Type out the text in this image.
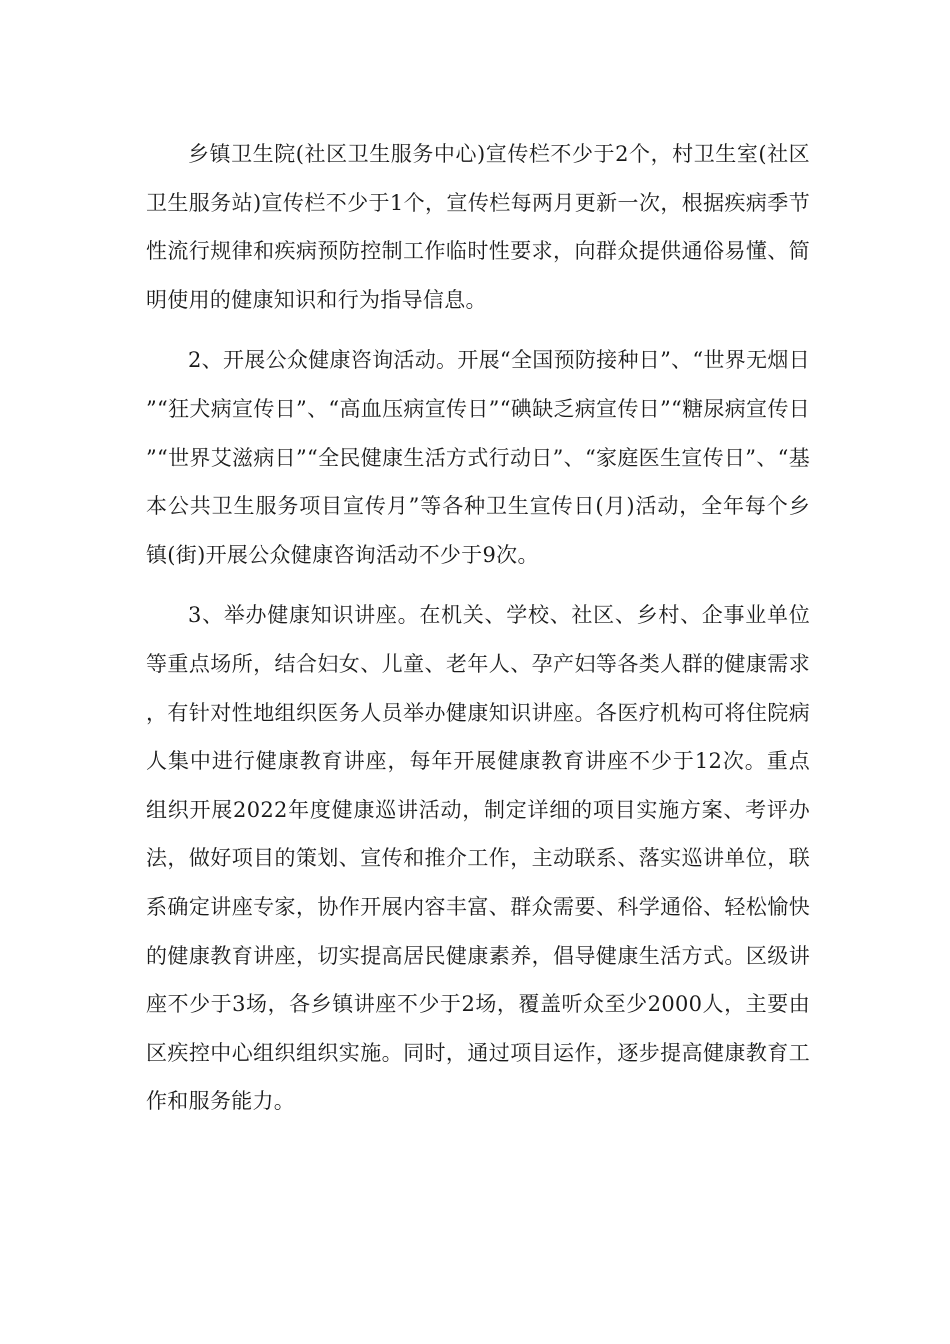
乡镇卫生院(社区卫生服务中心)宣传栏不少于2个，村卫生室(社区卫生服务站)宣传栏不少于1个，宣传栏每两月更新一次，根据疾病季节性流行规律和疾病预防控制工作临时性要求，向群众提供通俗易懂、简明使用的健康知识和行为指导信息。

2、开展公众健康咨询活动。开展“全国预防接种日”、“世界无烟日”“狂犬病宣传日”、“高血压病宣传日”“碘缺乏病宣传日”“糖尿病宣传日”“世界艾滋病日”“全民健康生活方式行动日”、“家庭医生宣传日”、“基本公共卫生服务项目宣传月”等各种卫生宣传日(月)活动，全年每个乡镇(街)开展公众健康咨询活动不少于9次。

3、举办健康知识讲座。在机关、学校、社区、乡村、企事业单位等重点场所，结合妇女、儿童、老年人、孕产妇等各类人群的健康需求，有针对性地组织医务人员举办健康知识讲座。各医疗机构可将住院病人集中进行健康教育讲座，每年开展健康教育讲座不少于12次。重点组织开展2022年度健康巡讲活动，制定详细的项目实施方案、考评办法，做好项目的策划、宣传和推介工作，主动联系、落实巡讲单位，联系确定讲座专家，协作开展内容丰富、群众需要、科学通俗、轻松愉快的健康教育讲座，切实提高居民健康素养，倡导健康生活方式。区级讲座不少于3场，各乡镇讲座不少于2场，覆盖听众至少2000人，主要由区疾控中心组织组织实施。同时，通过项目运作，逐步提高健康教育工作和服务能力。
